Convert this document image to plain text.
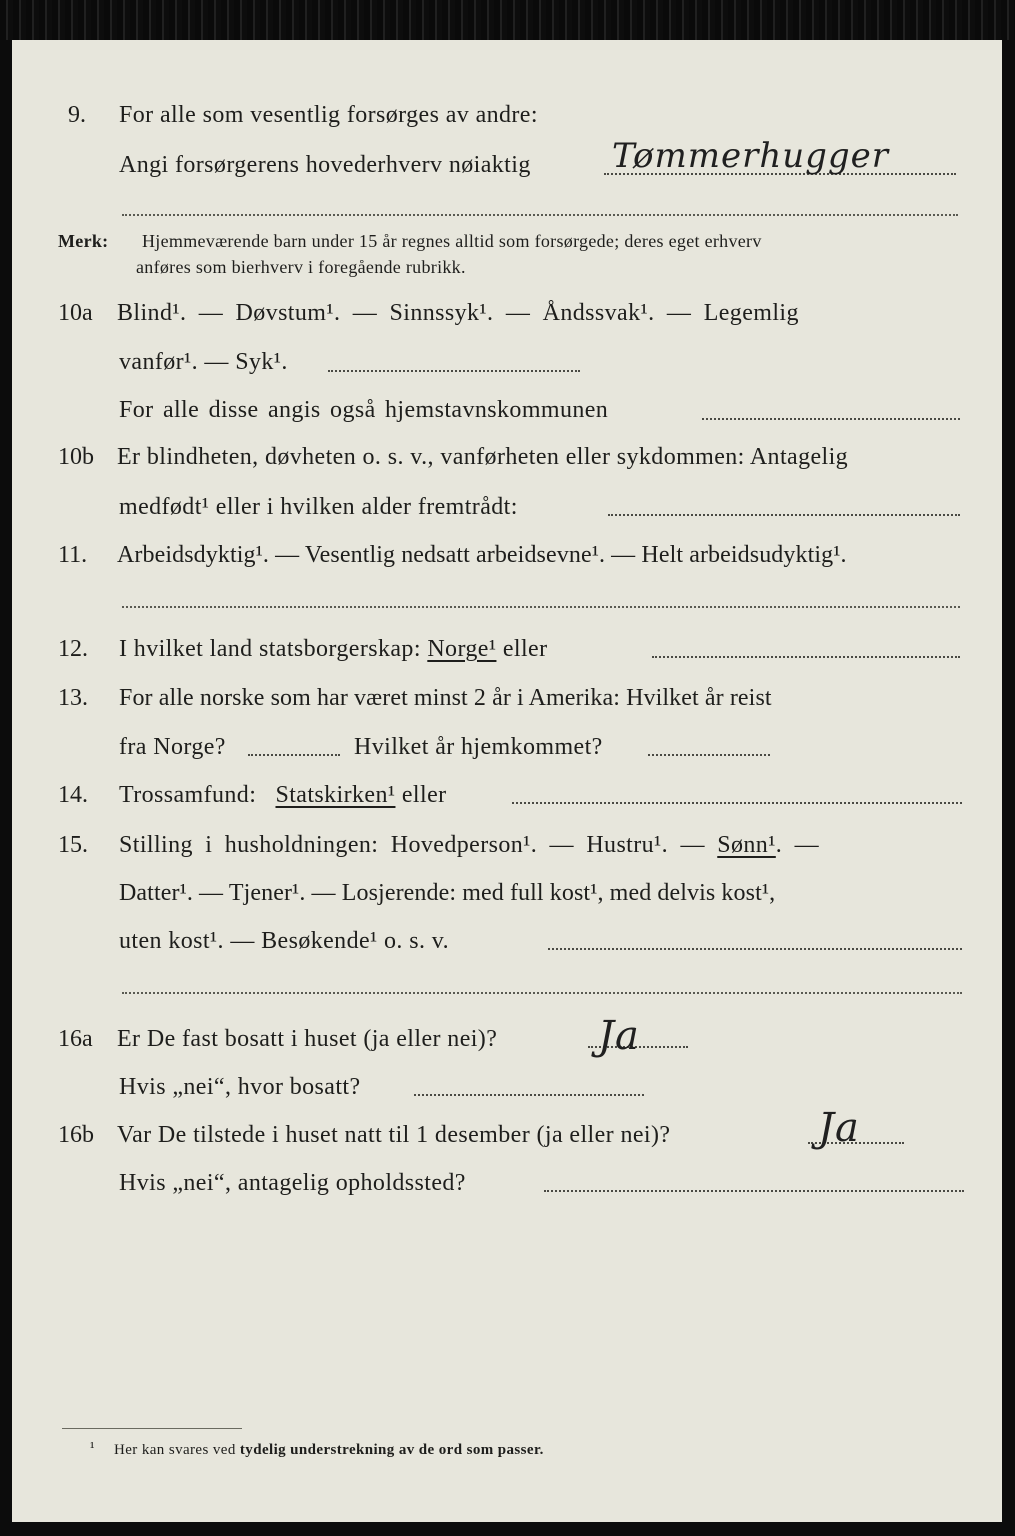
9. For alle som vesentlig forsørges av andre:
Angi forsørgerens hovederhverv nøiaktig Tømmerhugger
Merk: Hjemmeværende barn under 15 år regnes alltid som forsørgede; deres eget erhverv
anføres som bierhverv i foregående rubrikk.
10a Blind¹. — Døvstum¹. — Sinnssyk¹. — Åndssvak¹. — Legemlig
vanfør¹. — Syk¹.
For alle disse angis også hjemstavnskommunen
10b Er blindheten, døvheten o. s. v., vanførheten eller sykdommen: Antagelig
medfødt¹ eller i hvilken alder fremtrådt:
11. Arbeidsdyktig¹. — Vesentlig nedsatt arbeidsevne¹. — Helt arbeidsudyktig¹.
12. I hvilket land statsborgerskap: Norge¹ eller
13. For alle norske som har været minst 2 år i Amerika: Hvilket år reist
fra Norge?	Hvilket år hjemkommet?
14. Trossamfund: Statskirken¹ eller
15. Stilling i husholdningen: Hovedperson¹. — Hustru¹. — Sønn¹. —
Datter¹. — Tjener¹. — Losjerende: med full kost¹, med delvis kost¹,
uten kost¹. — Besøkende¹ o. s. v.
16a Er De fast bosatt i huset (ja eller nei)?	Ja
Hvis „nei“, hvor bosatt?
16b Var De tilstede i huset natt til 1 desember (ja eller nei)?	Ja
Hvis „nei“, antagelig opholdssted?
¹ Her kan svares ved tydelig understrekning av de ord som passer.
